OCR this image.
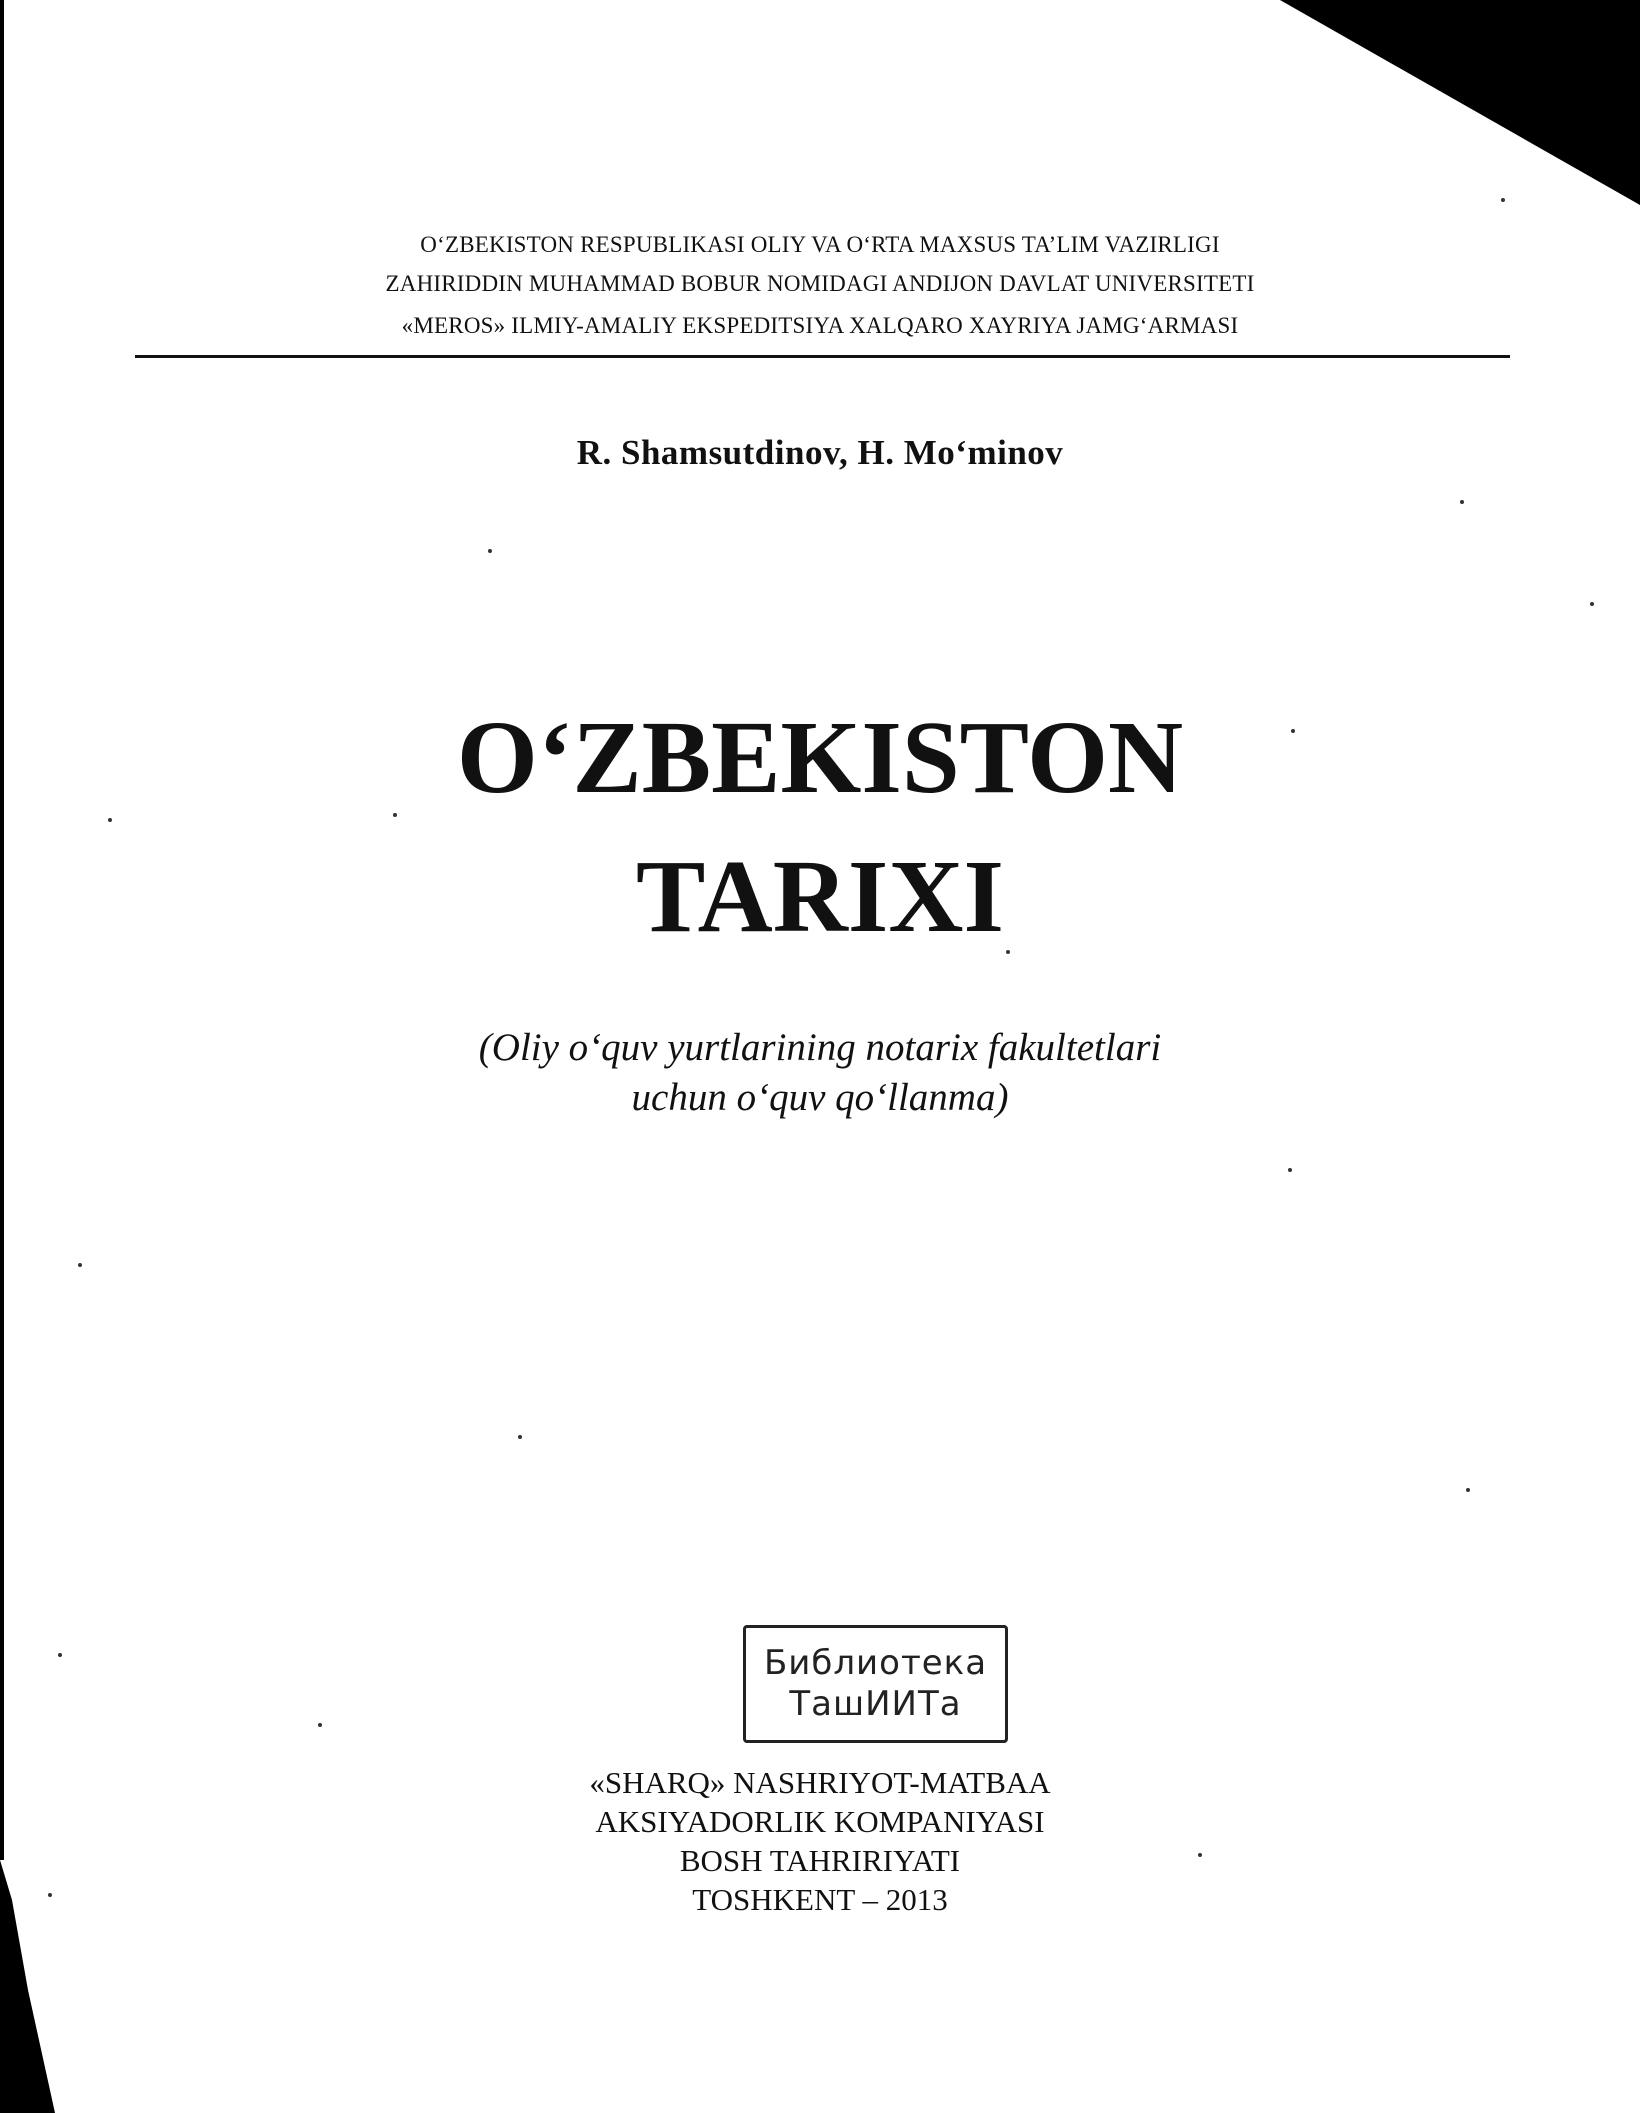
O‘ZBEKISTON RESPUBLIKASI OLIY VA O‘RTA MAXSUS TA’LIM VAZIRLIGI
ZAHIRIDDIN MUHAMMAD BOBUR NOMIDAGI ANDIJON DAVLAT UNIVERSITETI
«MEROS» ILMIY-AMALIY EKSPEDITSIYA XALQARO XAYRIYA JAMG‘ARMASI
R. Shamsutdinov, H. Mo‘minov
O‘ZBEKISTON
TARIXI
(Oliy o‘quv yurtlarining notarix fakultetlari
uchun o‘quv qo‘llanma)
Библиотека
ТашИИТа
«SHARQ» NASHRIYOT-MATBAA
AKSIYADORLIK KOMPANIYASI
BOSH TAHRIRIYATI
TOSHKENT – 2013
